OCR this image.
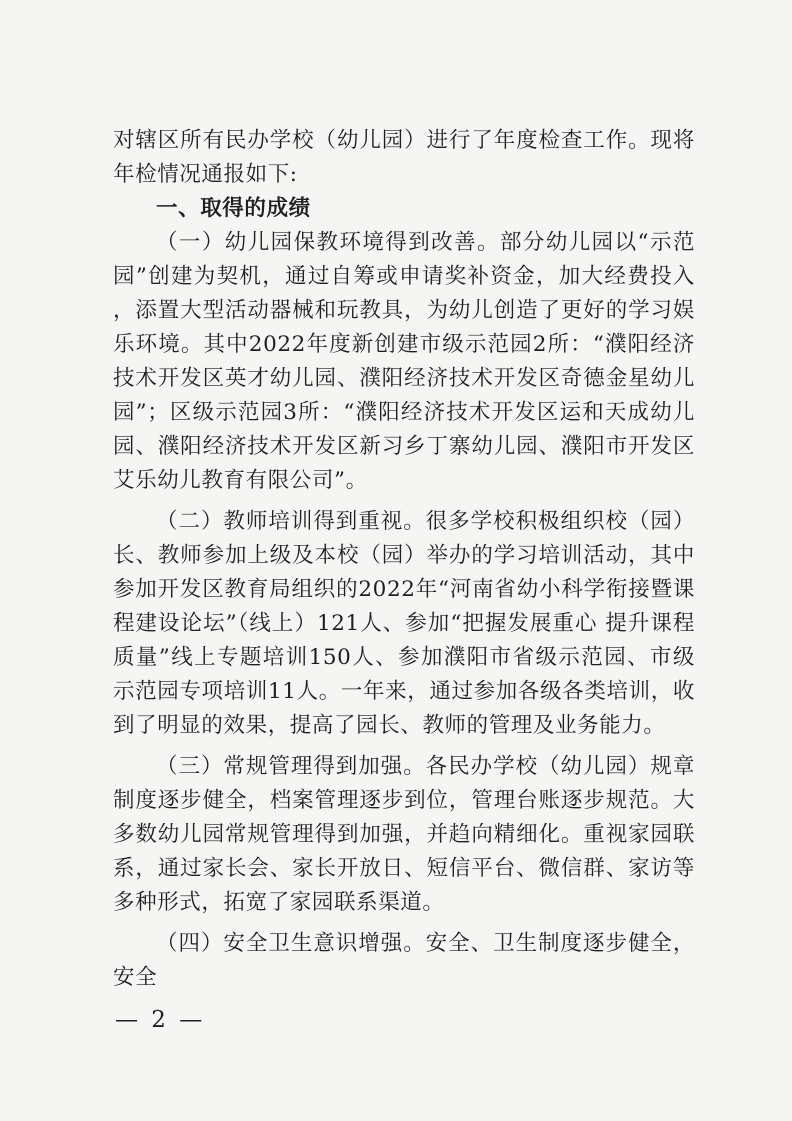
对辖区所有民办学校（幼儿园）进行了年度检查工作。现将年检情况通报如下:

一、取得的成绩

（一）幼儿园保教环境得到改善。部分幼儿园以“示范园”创建为契机，通过自筹或申请奖补资金，加大经费投入，添置大型活动器械和玩教具，为幼儿创造了更好的学习娱乐环境。其中2022年度新创建市级示范园2所：“濮阳经济技术开发区英才幼儿园、濮阳经济技术开发区奇德金星幼儿园”；区级示范园3所：“濮阳经济技术开发区运和天成幼儿园、濮阳经济技术开发区新习乡丁寨幼儿园、濮阳市开发区艾乐幼儿教育有限公司”。

（二）教师培训得到重视。很多学校积极组织校（园）长、教师参加上级及本校（园）举办的学习培训活动，其中参加开发区教育局组织的2022年“河南省幼小科学衔接暨课程建设论坛”（线上）121人、参加“把握发展重心 提升课程质量”线上专题培训150人、参加濮阳市省级示范园、市级示范园专项培训11人。一年来，通过参加各级各类培训，收到了明显的效果，提高了园长、教师的管理及业务能力。

（三）常规管理得到加强。各民办学校（幼儿园）规章制度逐步健全，档案管理逐步到位，管理台账逐步规范。大多数幼儿园常规管理得到加强，并趋向精细化。重视家园联系，通过家长会、家长开放日、短信平台、微信群、家访等多种形式，拓宽了家园联系渠道。

（四）安全卫生意识增强。安全、卫生制度逐步健全，安全

— 2 —
